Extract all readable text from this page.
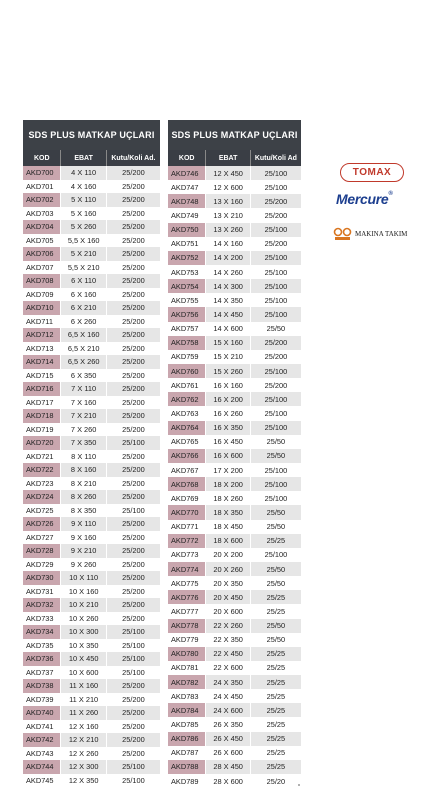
SDS PLUS MATKAP UÇLARI
KOD	EBAT	Kutu/Koli Ad.
AKD700	4 X 110	25/200
AKD701	4 X 160	25/200
AKD702	5 X 110	25/200
AKD703	5 X 160	25/200
AKD704	5 X 260	25/200
AKD705	5,5 X 160	25/200
AKD706	5 X 210	25/200
AKD707	5,5 X 210	25/200
AKD708	6 X 110	25/200
AKD709	6 X 160	25/200
AKD710	6 X 210	25/200
AKD711	6 X 260	25/200
AKD712	6,5 X 160	25/200
AKD713	6,5 X 210	25/200
AKD714	6,5 X 260	25/200
AKD715	6 X 350	25/200
AKD716	7 X 110	25/200
AKD717	7 X 160	25/200
AKD718	7 X 210	25/200
AKD719	7 X 260	25/200
AKD720	7 X 350	25/100
AKD721	8 X 110	25/200
AKD722	8 X 160	25/200
AKD723	8 X 210	25/200
AKD724	8 X 260	25/200
AKD725	8 X 350	25/100
AKD726	9 X 110	25/200
AKD727	9 X 160	25/200
AKD728	9 X 210	25/200
AKD729	9 X 260	25/200
AKD730	10 X 110	25/200
AKD731	10 X 160	25/200
AKD732	10 X 210	25/200
AKD733	10 X 260	25/200
AKD734	10 X 300	25/100
AKD735	10 X 350	25/100
AKD736	10 X 450	25/100
AKD737	10 X 600	25/100
AKD738	11 X 160	25/200
AKD739	11 X 210	25/200
AKD740	11 X 260	25/200
AKD741	12 X 160	25/200
AKD742	12 X 210	25/200
AKD743	12 X 260	25/200
AKD744	12 X 300	25/100
AKD745	12 X 350	25/100
SDS PLUS MATKAP UÇLARI
KOD	EBAT	Kutu/Koli Ad
AKD746	12 X 450	25/100
AKD747	12 X 600	25/100
AKD748	13 X 160	25/200
AKD749	13 X 210	25/200
AKD750	13 X 260	25/100
AKD751	14 X 160	25/200
AKD752	14 X 200	25/100
AKD753	14 X 260	25/100
AKD754	14 X 300	25/100
AKD755	14 X 350	25/100
AKD756	14 X 450	25/100
AKD757	14 X 600	25/50
AKD758	15 X 160	25/200
AKD759	15 X 210	25/200
AKD760	15 X 260	25/100
AKD761	16 X 160	25/200
AKD762	16 X 200	25/100
AKD763	16 X 260	25/100
AKD764	16 X 350	25/100
AKD765	16 X 450	25/50
AKD766	16 X 600	25/50
AKD767	17 X 200	25/100
AKD768	18 X 200	25/100
AKD769	18 X 260	25/100
AKD770	18 X 350	25/50
AKD771	18 X 450	25/50
AKD772	18 X 600	25/25
AKD773	20 X 200	25/100
AKD774	20 X 260	25/50
AKD775	20 X 350	25/50
AKD776	20 X 450	25/25
AKD777	20 X 600	25/25
AKD778	22 X 260	25/50
AKD779	22 X 350	25/50
AKD780	22 X 450	25/25
AKD781	22 X 600	25/25
AKD782	24 X 350	25/25
AKD783	24 X 450	25/25
AKD784	24 X 600	25/25
AKD785	26 X 350	25/25
AKD786	26 X 450	25/25
AKD787	26 X 600	25/25
AKD788	28 X 450	25/25
AKD789	28 X 600	25/20
TOMAX
Mercure®
MAKINA TAKIM
